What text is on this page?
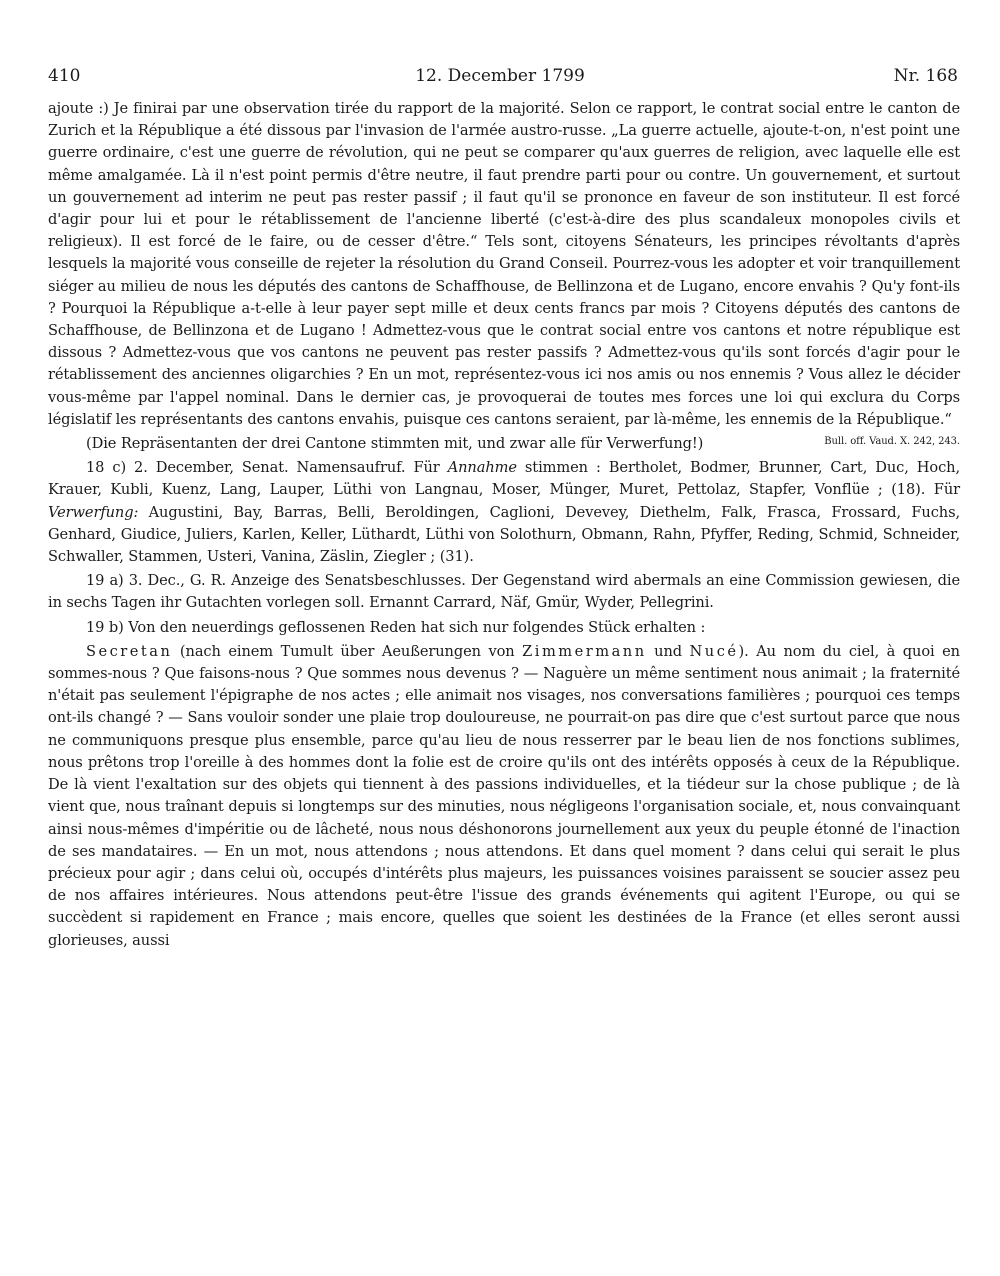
410	12. December 1799	Nr. 168

ajoute :) Je finirai par une observation tirée du rapport de la majorité. Selon ce rapport, le contrat social entre le canton de Zurich et la République a été dissous par l'invasion de l'armée austro-russe. „La guerre actuelle, ajoute-t-on, n'est point une guerre ordinaire, c'est une guerre de révolution, qui ne peut se comparer qu'aux guerres de religion, avec laquelle elle est même amalgamée. Là il n'est point permis d'être neutre, il faut prendre parti pour ou contre. Un gouvernement, et surtout un gouvernement ad interim ne peut pas rester passif ; il faut qu'il se prononce en faveur de son instituteur. Il est forcé d'agir pour lui et pour le rétablissement de l'ancienne liberté (c'est-à-dire des plus scandaleux monopoles civils et religieux). Il est forcé de le faire, ou de cesser d'être.“ Tels sont, citoyens Sénateurs, les principes révoltants d'après lesquels la majorité vous conseille de rejeter la résolution du Grand Conseil. Pourrez-vous les adopter et voir tranquillement siéger au milieu de nous les députés des cantons de Schaffhouse, de Bellinzona et de Lugano, encore envahis ? Qu'y font-ils ? Pourquoi la République a-t-elle à leur payer sept mille et deux cents francs par mois ? Citoyens députés des cantons de Schaffhouse, de Bellinzona et de Lugano ! Admettez-vous que le contrat social entre vos cantons et notre république est dissous ? Admettez-vous que vos cantons ne peuvent pas rester passifs ? Admettez-vous qu'ils sont forcés d'agir pour le rétablissement des anciennes oligarchies ? En un mot, représentez-vous ici nos amis ou nos ennemis ? Vous allez le décider vous-même par l'appel nominal. Dans le dernier cas, je provoquerai de toutes mes forces une loi qui exclura du Corps législatif les représentants des cantons envahis, puisque ces cantons seraient, par là-même, les ennemis de la République.“
Bull. off. Vaud. X. 242, 243.

(Die Repräsentanten der drei Cantone stimmten mit, und zwar alle für Verwerfung!)

18 c) 2. December, Senat. Namensaufruf. Für Annahme stimmen : Bertholet, Bodmer, Brunner, Cart, Duc, Hoch, Krauer, Kubli, Kuenz, Lang, Lauper, Lüthi von Langnau, Moser, Münger, Muret, Pettolaz, Stapfer, Vonflüe ; (18). Für Verwerfung: Augustini, Bay, Barras, Belli, Beroldingen, Caglioni, Devevey, Diethelm, Falk, Frasca, Frossard, Fuchs, Genhard, Giudice, Juliers, Karlen, Keller, Lüthardt, Lüthi von Solothurn, Obmann, Rahn, Pfyffer, Reding, Schmid, Schneider, Schwaller, Stammen, Usteri, Vanina, Zäslin, Ziegler ; (31).

19 a) 3. Dec., G. R. Anzeige des Senatsbeschlusses. Der Gegenstand wird abermals an eine Commission gewiesen, die in sechs Tagen ihr Gutachten vorlegen soll. Ernannt Carrard, Näf, Gmür, Wyder, Pellegrini.

19 b) Von den neuerdings geflossenen Reden hat sich nur folgendes Stück erhalten :

Secretan (nach einem Tumult über Aeußerungen von Zimmermann und Nucé). Au nom du ciel, à quoi en sommes-nous ? Que faisons-nous ? Que sommes nous devenus ? — Naguère un même sentiment nous animait ; la fraternité n'était pas seulement l'épigraphe de nos actes ; elle animait nos visages, nos conversations familières ; pourquoi ces temps ont-ils changé ? — Sans vouloir sonder une plaie trop douloureuse, ne pourrait-on pas dire que c'est surtout parce que nous ne communiquons presque plus ensemble, parce qu'au lieu de nous resserrer par le beau lien de nos fonctions sublimes, nous prêtons trop l'oreille à des hommes dont la folie est de croire qu'ils ont des intérêts opposés à ceux de la République. De là vient l'exaltation sur des objets qui tiennent à des passions individuelles, et la tiédeur sur la chose publique ; de là vient que, nous traînant depuis si longtemps sur des minuties, nous négligeons l'organisation sociale, et, nous convainquant ainsi nous-mêmes d'impéritie ou de lâcheté, nous nous déshonorons journellement aux yeux du peuple étonné de l'inaction de ses mandataires. — En un mot, nous attendons ; nous attendons. Et dans quel moment ? dans celui qui serait le plus précieux pour agir ; dans celui où, occupés d'intérêts plus majeurs, les puissances voisines paraissent se soucier assez peu de nos affaires intérieures. Nous attendons peut-être l'issue des grands événements qui agitent l'Europe, ou qui se succèdent si rapidement en France ; mais encore, quelles que soient les destinées de la France (et elles seront aussi glorieuses, aussi
